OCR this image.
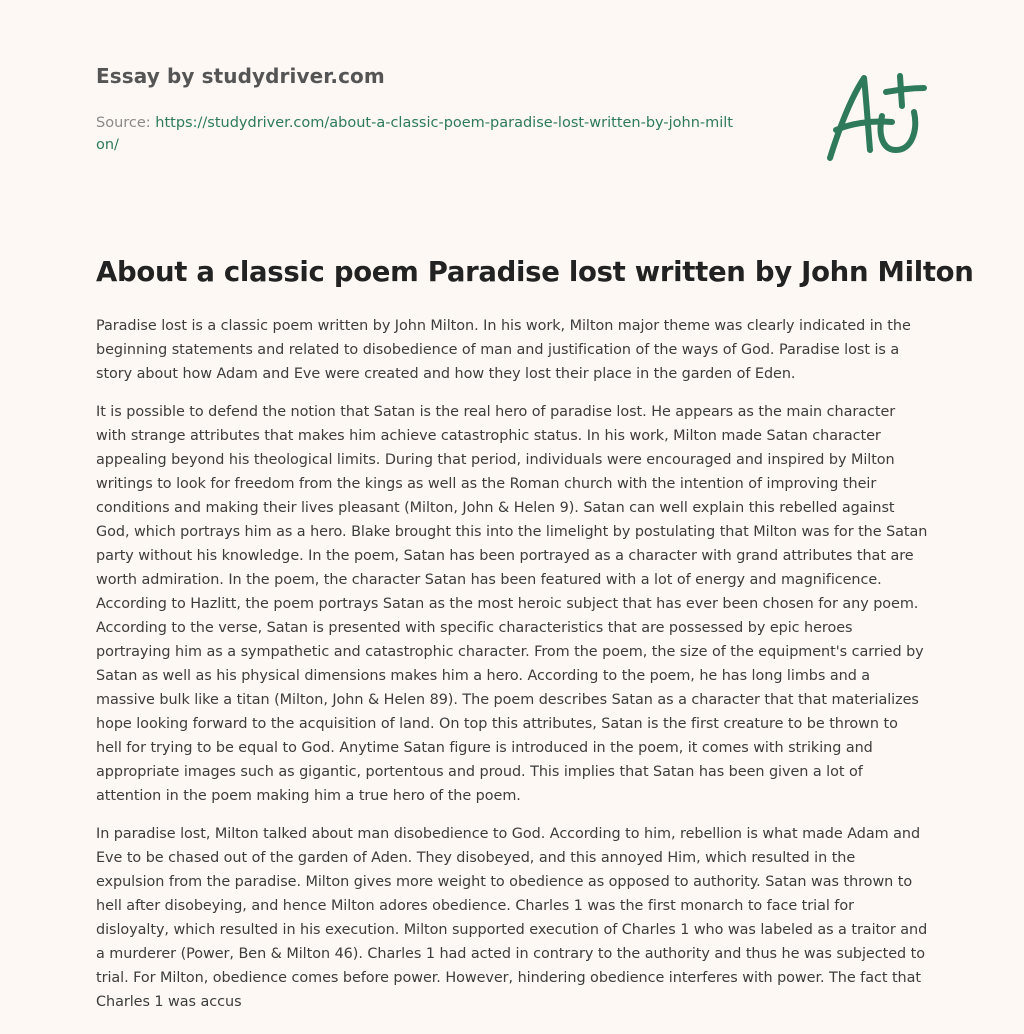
Essay by studydriver.com
Source: https://studydriver.com/about-a-classic-poem-paradise-lost-written-by-john-milton/
About a classic poem Paradise lost written by John Milton

Paradise lost is a classic poem written by John Milton. In his work, Milton major theme was clearly indicated in the beginning statements and related to disobedience of man and justification of the ways of God. Paradise lost is a story about how Adam and Eve were created and how they lost their place in the garden of Eden.

It is possible to defend the notion that Satan is the real hero of paradise lost. He appears as the main character with strange attributes that makes him achieve catastrophic status. In his work, Milton made Satan character appealing beyond his theological limits. During that period, individuals were encouraged and inspired by Milton writings to look for freedom from the kings as well as the Roman church with the intention of improving their conditions and making their lives pleasant (Milton, John & Helen 9). Satan can well explain this rebelled against God, which portrays him as a hero. Blake brought this into the limelight by postulating that Milton was for the Satan party without his knowledge. In the poem, Satan has been portrayed as a character with grand attributes that are worth admiration. In the poem, the character Satan has been featured with a lot of energy and magnificence. According to Hazlitt, the poem portrays Satan as the most heroic subject that has ever been chosen for any poem. According to the verse, Satan is presented with specific characteristics that are possessed by epic heroes portraying him as a sympathetic and catastrophic character. From the poem, the size of the equipment's carried by Satan as well as his physical dimensions makes him a hero. According to the poem, he has long limbs and a massive bulk like a titan (Milton, John & Helen 89). The poem describes Satan as a character that that materializes hope looking forward to the acquisition of land. On top this attributes, Satan is the first creature to be thrown to hell for trying to be equal to God. Anytime Satan figure is introduced in the poem, it comes with striking and appropriate images such as gigantic, portentous and proud. This implies that Satan has been given a lot of attention in the poem making him a true hero of the poem.

In paradise lost, Milton talked about man disobedience to God. According to him, rebellion is what made Adam and Eve to be chased out of the garden of Aden. They disobeyed, and this annoyed Him, which resulted in the expulsion from the paradise. Milton gives more weight to obedience as opposed to authority. Satan was thrown to hell after disobeying, and hence Milton adores obedience. Charles 1 was the first monarch to face trial for disloyalty, which resulted in his execution. Milton supported execution of Charles 1 who was labeled as a traitor and a murderer (Power, Ben & Milton 46). Charles 1 had acted in contrary to the authority and thus he was subjected to trial. For Milton, obedience comes before power. However, hindering obedience interferes with power. The fact that Charles 1 was accus
